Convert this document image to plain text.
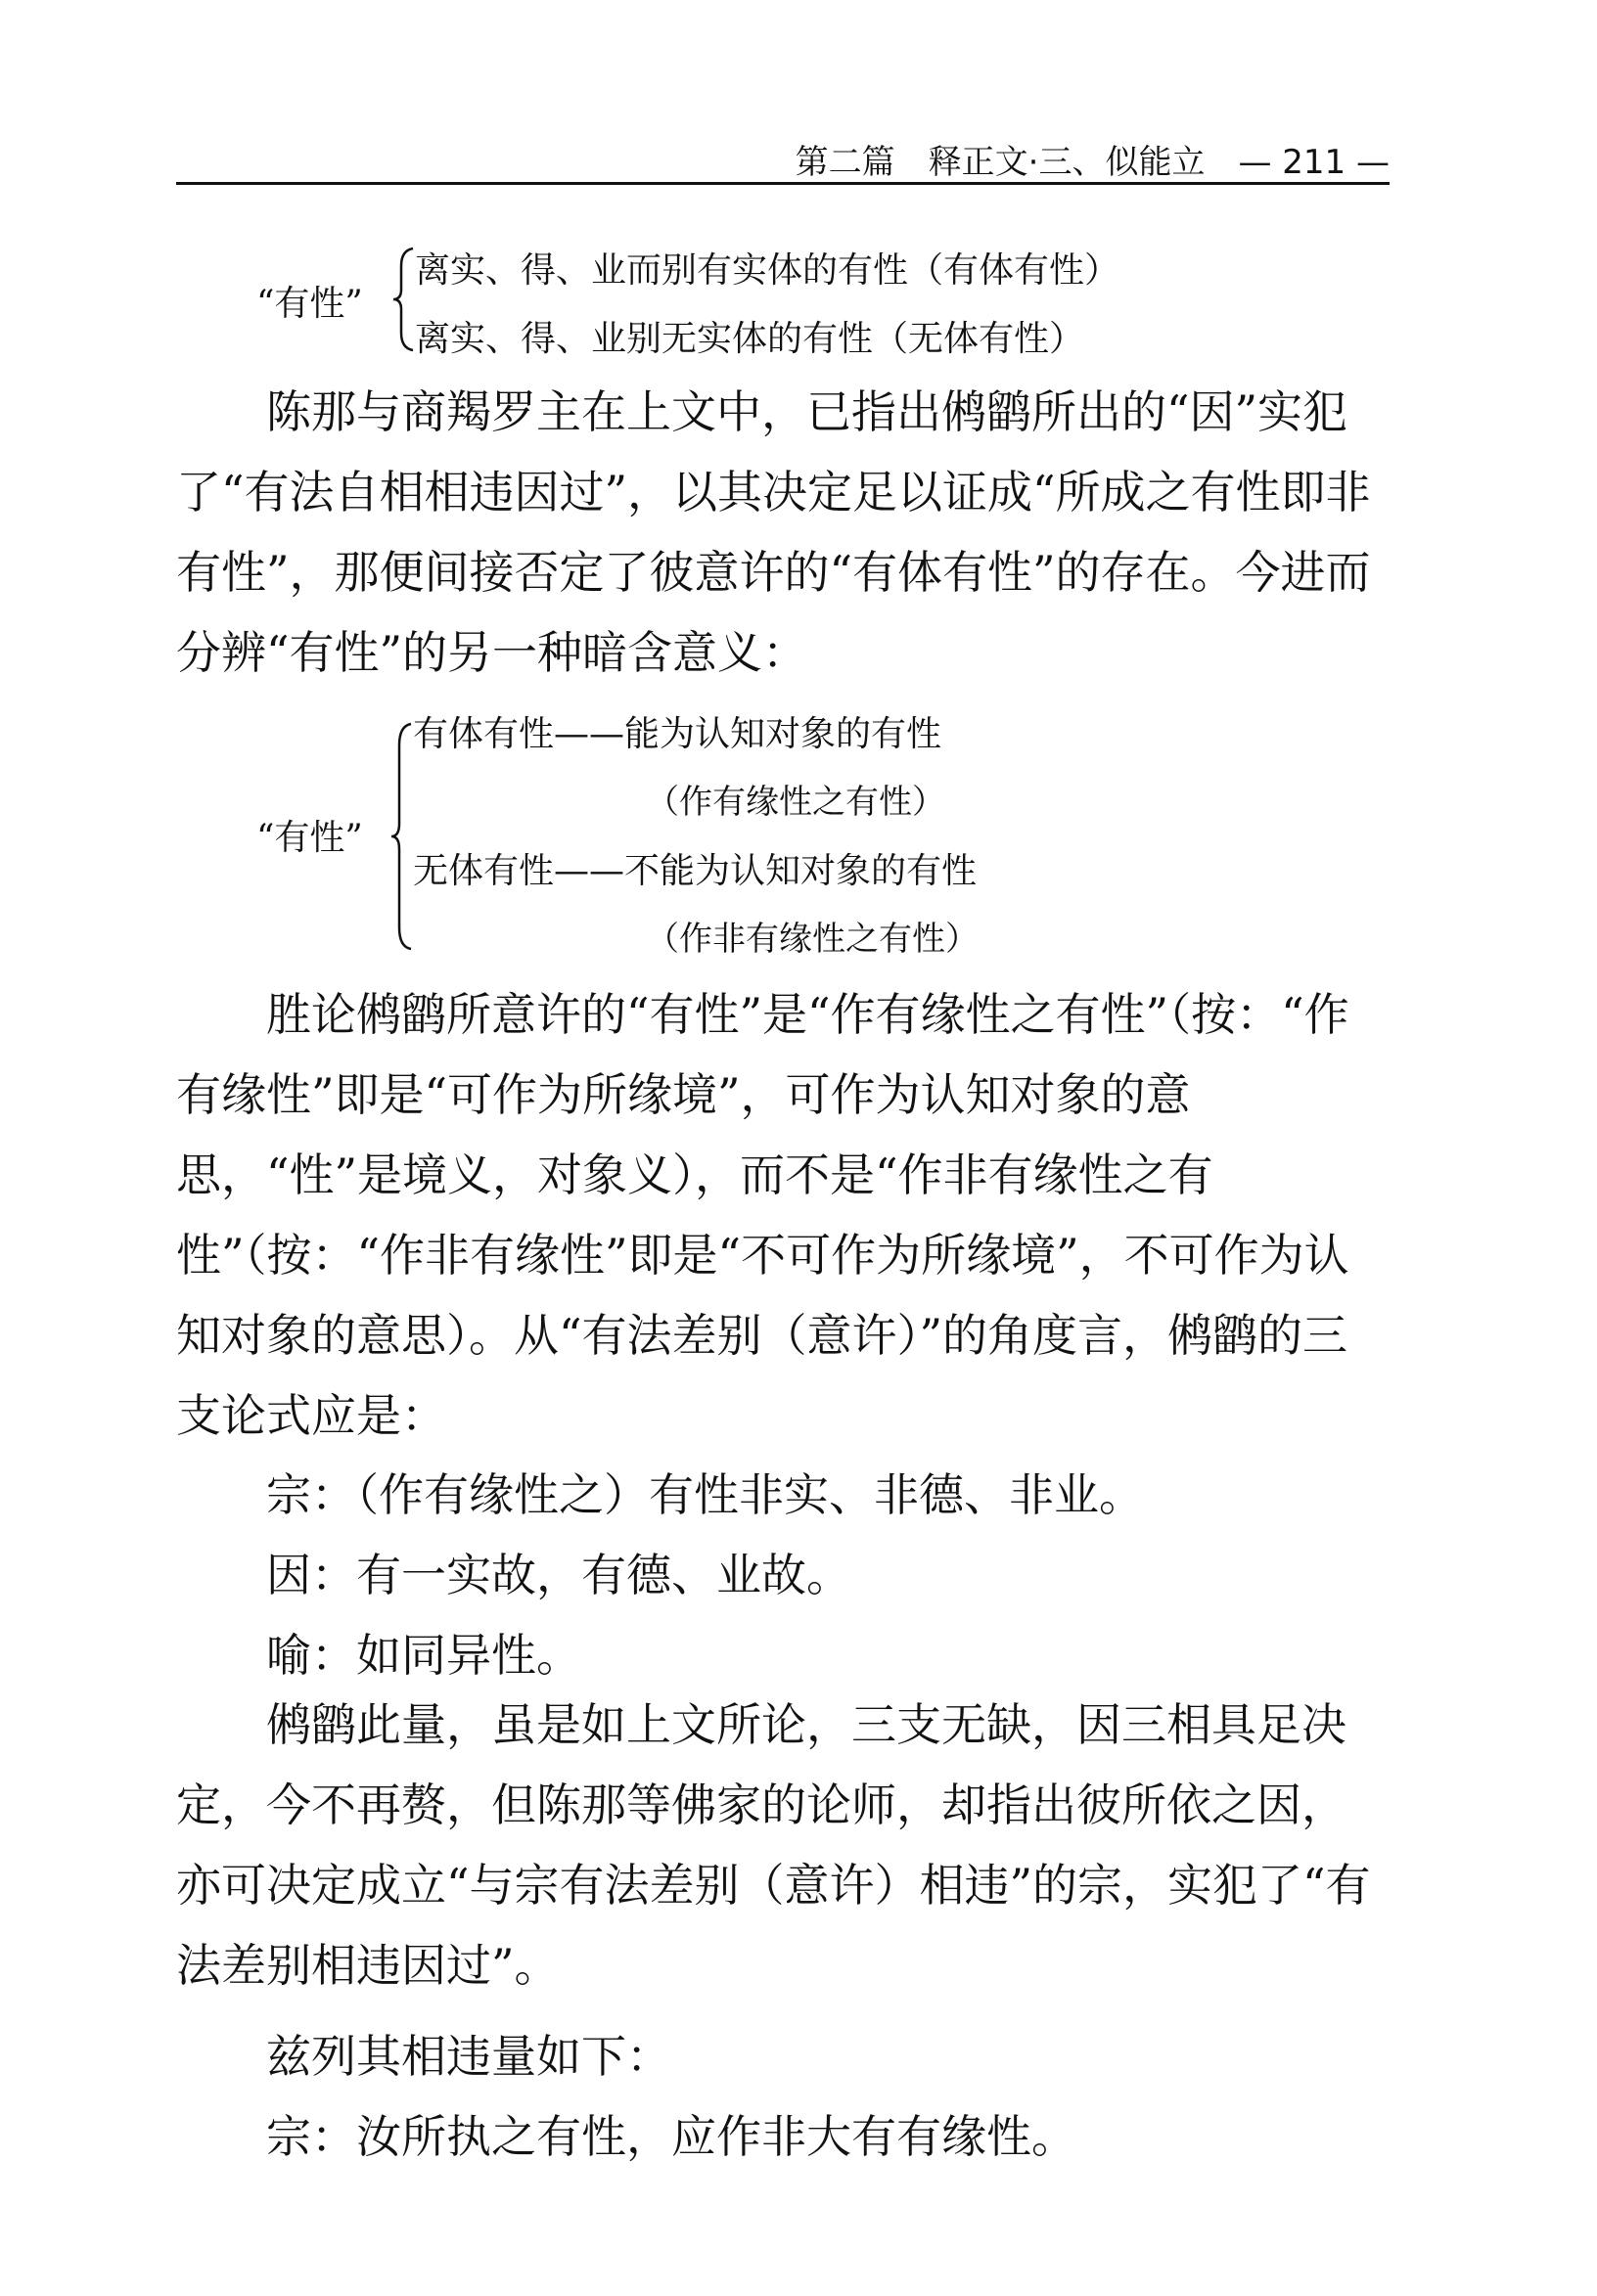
第二篇　释正文·三、似能立　— 211 —
“有性”
离实、得、业而别有实体的有性（有体有性）
离实、得、业别无实体的有性（无体有性）

陈那与商羯罗主在上文中，已指出鸺鹠所出的“因”实犯了“有法自相相违因过”，以其决定足以证成“所成之有性即非有性”，那便间接否定了彼意许的“有体有性”的存在。今进而分辨“有性”的另一种暗含意义：

“有性”
有体有性——能为认知对象的有性
（作有缘性之有性）
无体有性——不能为认知对象的有性
（作非有缘性之有性）

胜论鸺鹠所意许的“有性”是“作有缘性之有性”（按：“作有缘性”即是“可作为所缘境”，可作为认知对象的意思，“性”是境义，对象义），而不是“作非有缘性之有性”（按：“作非有缘性”即是“不可作为所缘境”，不可作为认知对象的意思）。从“有法差别（意许）”的角度言，鸺鹠的三支论式应是：

宗：（作有缘性之）有性非实、非德、非业。
因：有一实故，有德、业故。
喻：如同异性。

鸺鹠此量，虽是如上文所论，三支无缺，因三相具足决定，今不再赘，但陈那等佛家的论师，却指出彼所依之因，亦可决定成立“与宗有法差别（意许）相违”的宗，实犯了“有法差别相违因过”。

兹列其相违量如下：
宗：汝所执之有性，应作非大有有缘性。
